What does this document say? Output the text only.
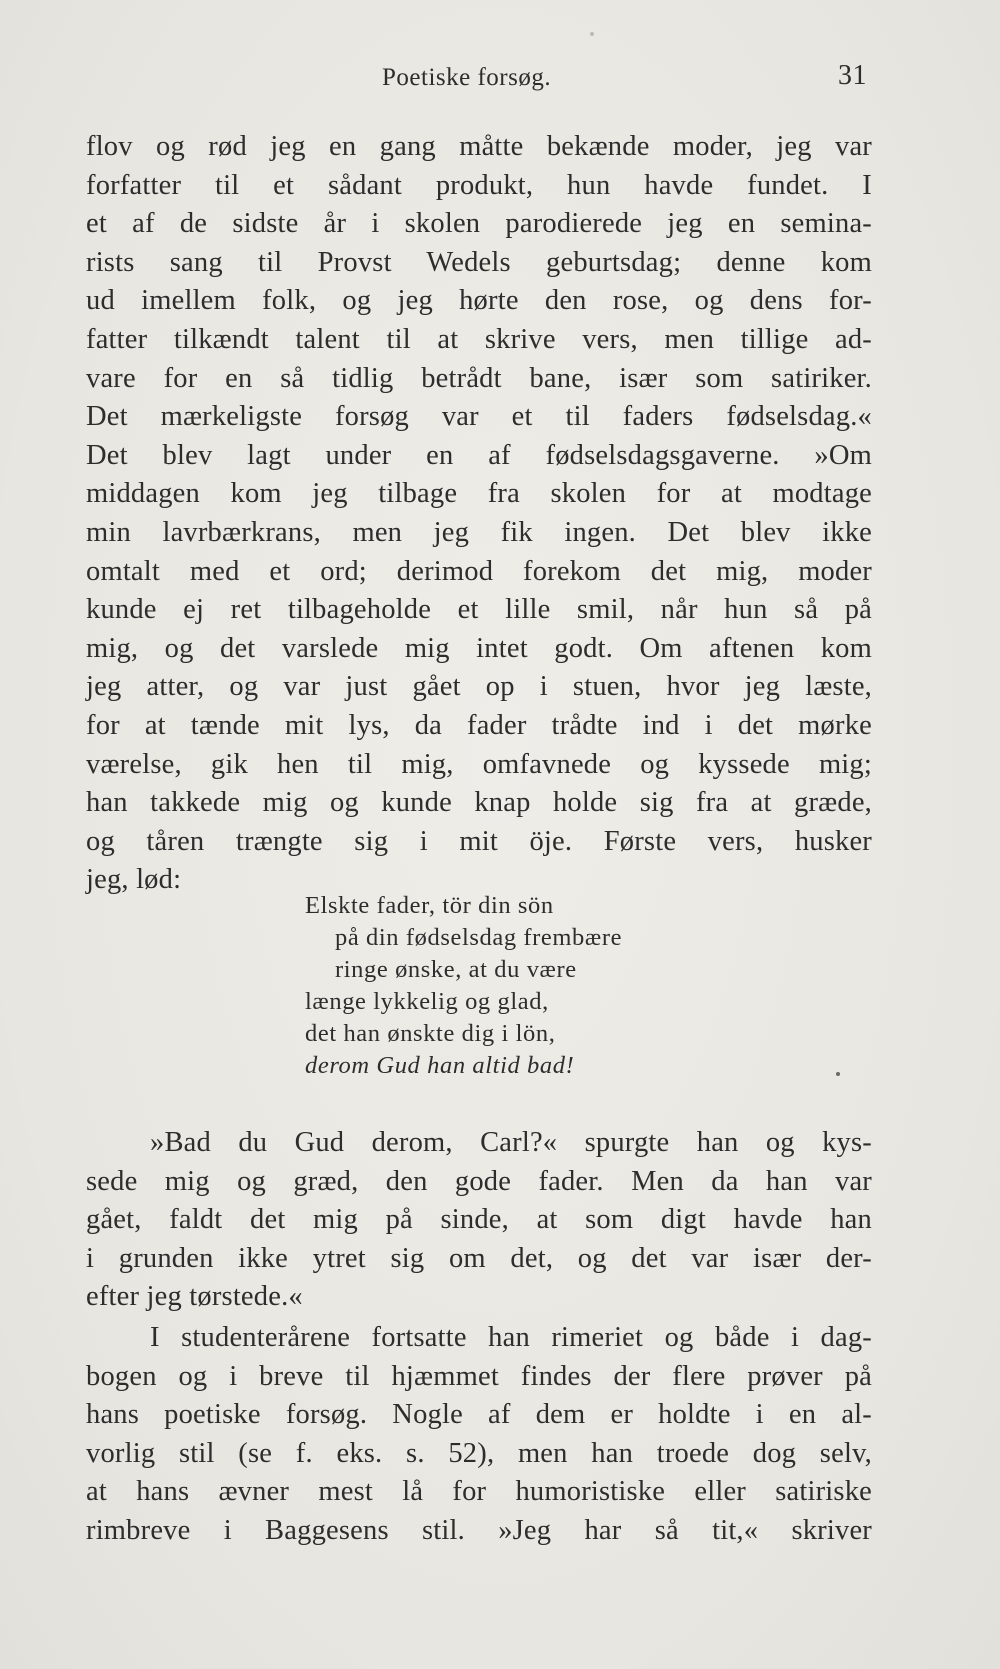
Poetiske forsøg.	31
flov og rød jeg en gang måtte bekænde moder, jeg var
forfatter til et sådant produkt, hun havde fundet. I
et af de sidste år i skolen parodierede jeg en semina-
rists sang til Provst Wedels geburtsdag; denne kom
ud imellem folk, og jeg hørte den rose, og dens for-
fatter tilkændt talent til at skrive vers, men tillige ad-
vare for en så tidlig betrådt bane, især som satiriker.
Det mærkeligste forsøg var et til faders fødselsdag.«
Det blev lagt under en af fødselsdagsgaverne. »Om
middagen kom jeg tilbage fra skolen for at modtage
min lavrbærkrans, men jeg fik ingen. Det blev ikke
omtalt med et ord; derimod forekom det mig, moder
kunde ej ret tilbageholde et lille smil, når hun så på
mig, og det varslede mig intet godt. Om aftenen kom
jeg atter, og var just gået op i stuen, hvor jeg læste,
for at tænde mit lys, da fader trådte ind i det mørke
værelse, gik hen til mig, omfavnede og kyssede mig;
han takkede mig og kunde knap holde sig fra at græde,
og tåren trængte sig i mit öje. Første vers, husker
jeg, lød:
Elskte fader, tör din sön
på din fødselsdag frembære
ringe ønske, at du være
længe lykkelig og glad,
det han ønskte dig i lön,
derom Gud han altid bad!
»Bad du Gud derom, Carl?« spurgte han og kys-
sede mig og græd, den gode fader. Men da han var
gået, faldt det mig på sinde, at som digt havde han
i grunden ikke ytret sig om det, og det var især der-
efter jeg tørstede.«
I studenterårene fortsatte han rimeriet og både i dag-
bogen og i breve til hjæmmet findes der flere prøver på
hans poetiske forsøg. Nogle af dem er holdte i en al-
vorlig stil (se f. eks. s. 52), men han troede dog selv,
at hans ævner mest lå for humoristiske eller satiriske
rimbreve i Baggesens stil. »Jeg har så tit,« skriver
